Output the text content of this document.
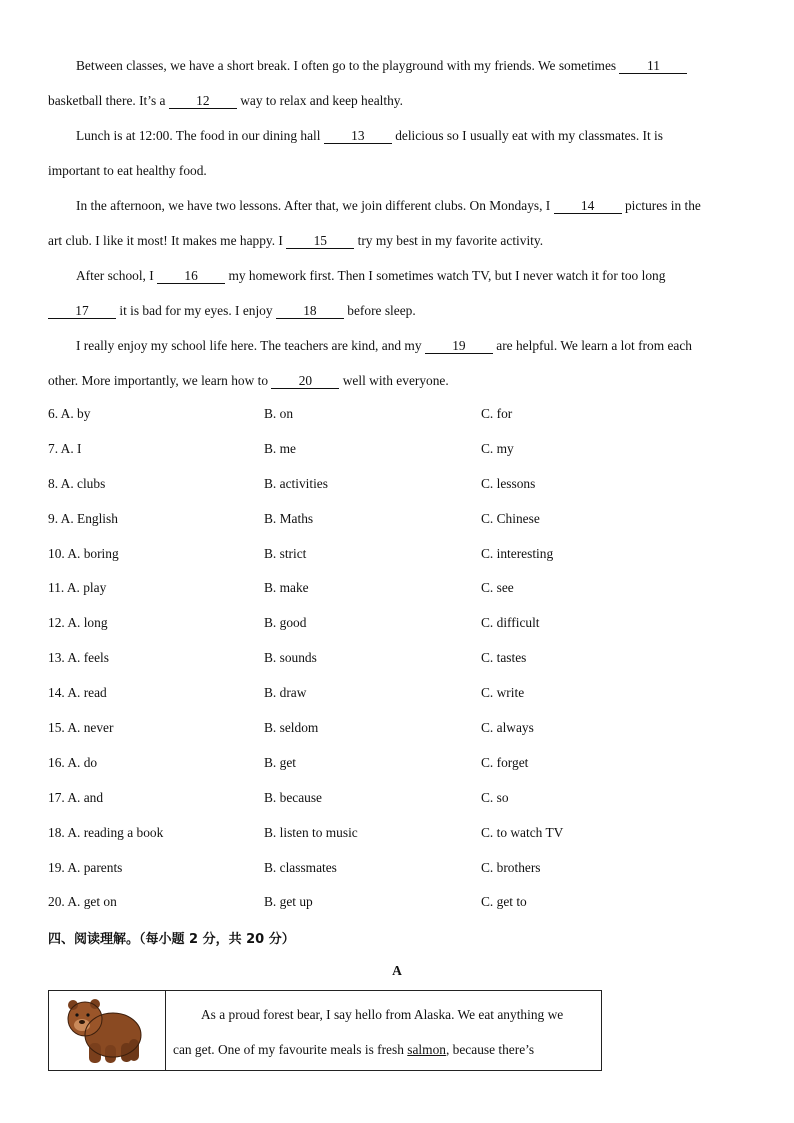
Between classes, we have a short break. I often go to the playground with my friends. We sometimes 11
basketball there. It’s a 12 way to relax and keep healthy.
Lunch is at 12:00. The food in our dining hall 13 delicious so I usually eat with my classmates. It is
important to eat healthy food.
In the afternoon, we have two lessons. After that, we join different clubs. On Mondays, I 14 pictures in the
art club. I like it most! It makes me happy. I 15 try my best in my favorite activity.
After school, I 16 my homework first. Then I sometimes watch TV, but I never watch it for too long
17 it is bad for my eyes. I enjoy 18 before sleep.
I really enjoy my school life here. The teachers are kind, and my 19 are helpful. We learn a lot from each
other. More importantly, we learn how to 20 well with everyone.
6. A. by	B. on	C. for
7. A. I	B. me	C. my
8. A. clubs	B. activities	C. lessons
9. A. English	B. Maths	C. Chinese
10. A. boring	B. strict	C. interesting
11. A. play	B. make	C. see
12. A. long	B. good	C. difficult
13. A. feels	B. sounds	C. tastes
14. A. read	B. draw	C. write
15. A. never	B. seldom	C. always
16. A. do	B. get	C. forget
17. A. and	B. because	C. so
18. A. reading a book	B. listen to music	C. to watch TV
19. A. parents	B. classmates	C. brothers
20. A. get on	B. get up	C. get to
四、阅读理解。（每小题 2 分，共 20 分）
A
As a proud forest bear, I say hello from Alaska. We eat anything we
can get. One of my favourite meals is fresh salmon, because there’s
